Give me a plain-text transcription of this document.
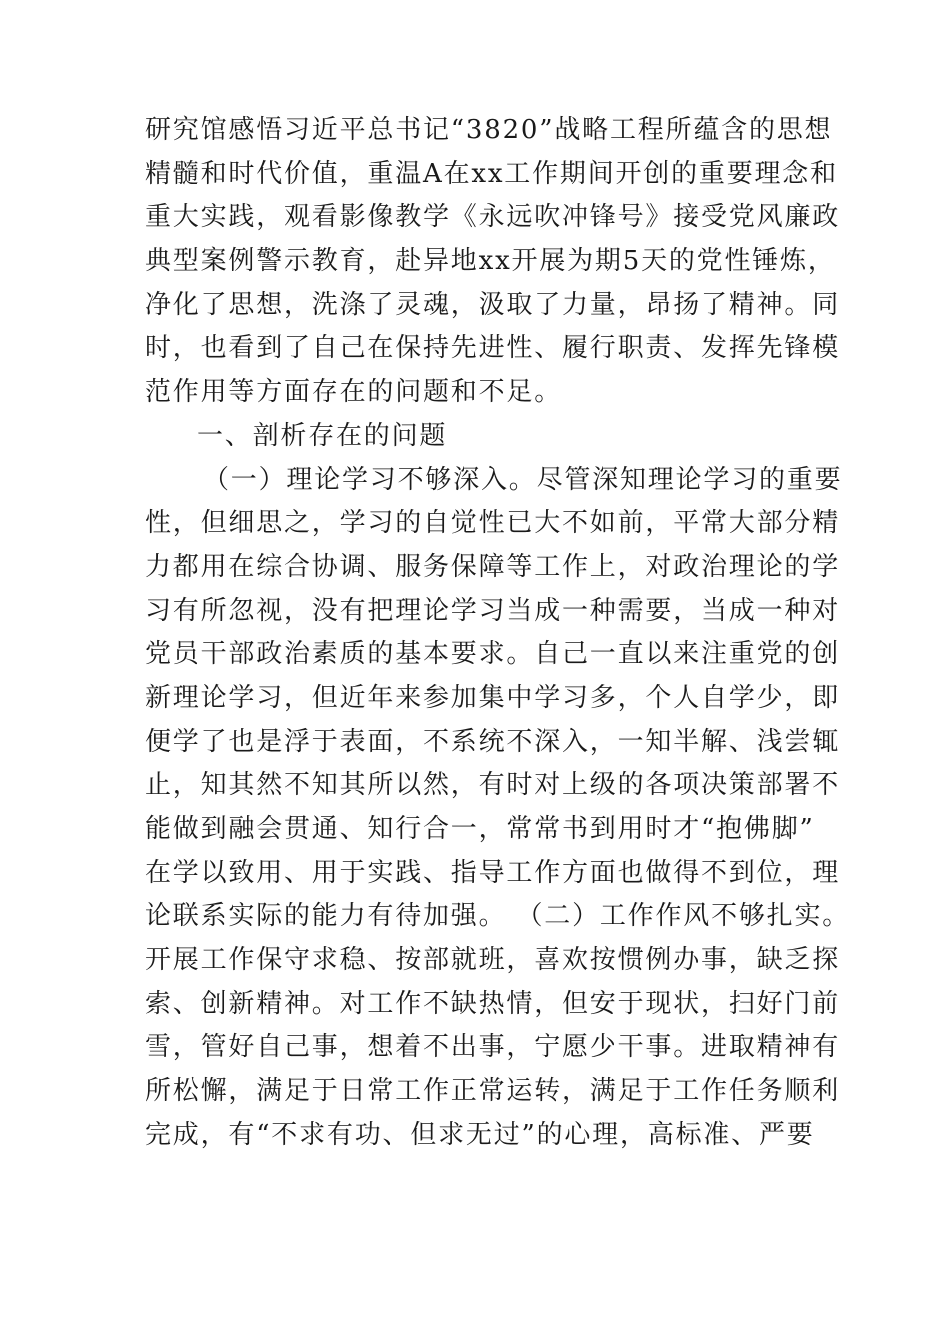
研究馆感悟习近平总书记“3820”战略工程所蕴含的思想
精髓和时代价值，重温A在xx工作期间开创的重要理念和
重大实践，观看影像教学《永远吹冲锋号》接受党风廉政
典型案例警示教育，赴异地xx开展为期5天的党性锤炼，
净化了思想，洗涤了灵魂，汲取了力量，昂扬了精神。同
时，也看到了自己在保持先进性、履行职责、发挥先锋模
范作用等方面存在的问题和不足。
一、剖析存在的问题
（一）理论学习不够深入。尽管深知理论学习的重要
性，但细思之，学习的自觉性已大不如前，平常大部分精
力都用在综合协调、服务保障等工作上，对政治理论的学
习有所忽视，没有把理论学习当成一种需要，当成一种对
党员干部政治素质的基本要求。自己一直以来注重党的创
新理论学习，但近年来参加集中学习多，个人自学少，即
便学了也是浮于表面，不系统不深入，一知半解、浅尝辄
止，知其然不知其所以然，有时对上级的各项决策部署不
能做到融会贯通、知行合一，常常书到用时才“抱佛脚”
在学以致用、用于实践、指导工作方面也做得不到位，理
论联系实际的能力有待加强。 （二）工作作风不够扎实。
开展工作保守求稳、按部就班，喜欢按惯例办事，缺乏探
索、创新精神。对工作不缺热情，但安于现状，扫好门前
雪，管好自己事，想着不出事，宁愿少干事。进取精神有
所松懈，满足于日常工作正常运转，满足于工作任务顺利
完成，有“不求有功、但求无过”的心理，高标准、严要
